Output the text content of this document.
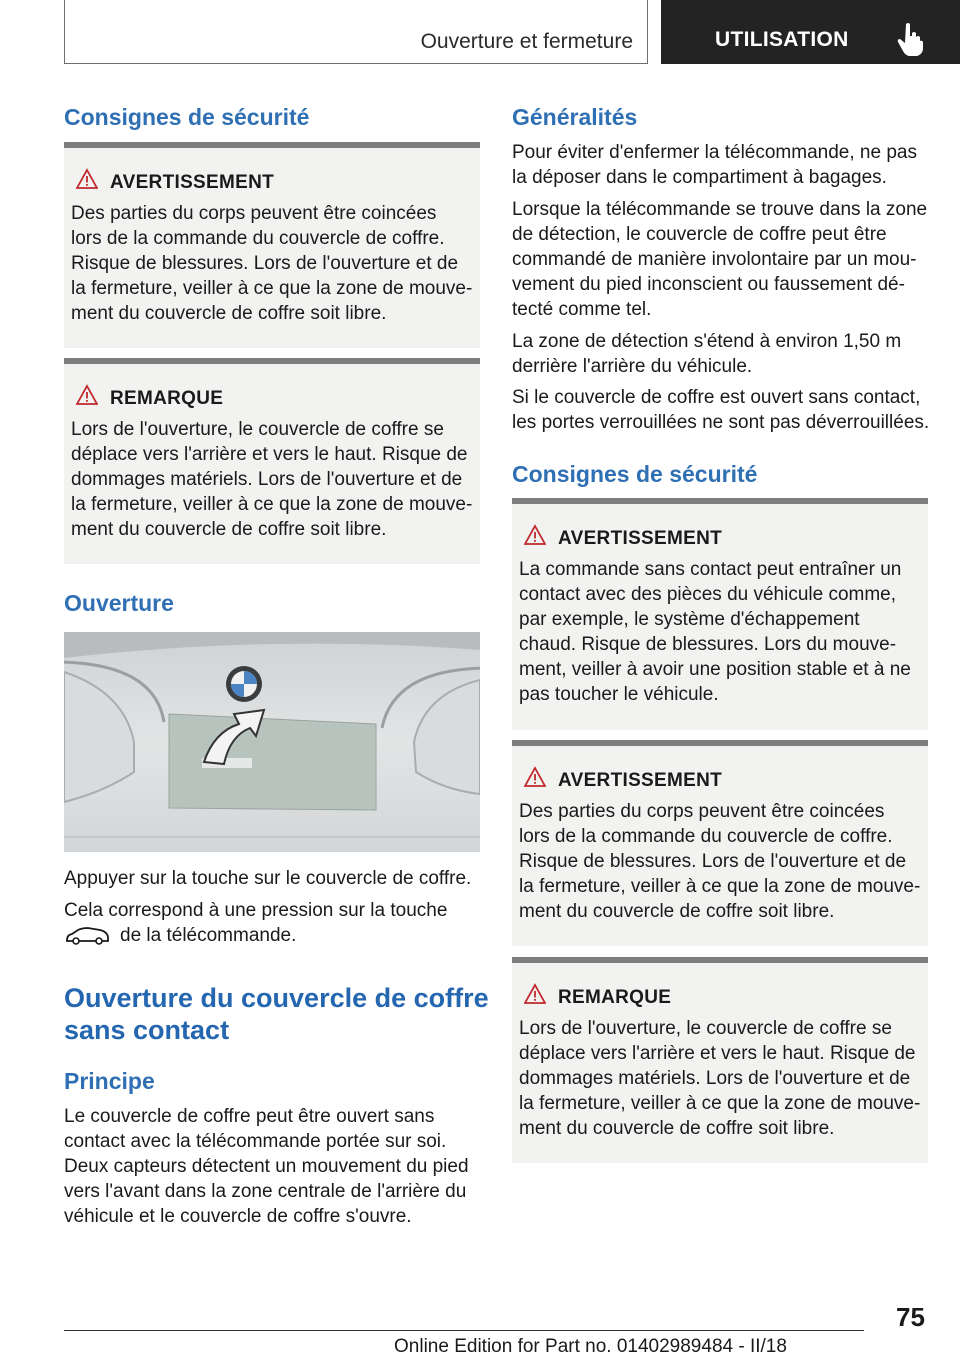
Ouverture et fermeture	UTILISATION
Consignes de sécurité
AVERTISSEMENT
Des parties du corps peuvent être coincées
lors de la commande du couvercle de coffre.
Risque de blessures. Lors de l'ouverture et de
la fermeture, veiller à ce que la zone de mouve‐
ment du couvercle de coffre soit libre.
REMARQUE
Lors de l'ouverture, le couvercle de coffre se
déplace vers l'arrière et vers le haut. Risque de
dommages matériels. Lors de l'ouverture et de
la fermeture, veiller à ce que la zone de mouve‐
ment du couvercle de coffre soit libre.
Ouverture
Appuyer sur la touche sur le couvercle de coffre.
Cela correspond à une pression sur la touche
de la télécommande.
Ouverture du couvercle de coffre
sans contact
Principe
Le couvercle de coffre peut être ouvert sans
contact avec la télécommande portée sur soi.
Deux capteurs détectent un mouvement du pied
vers l'avant dans la zone centrale de l'arrière du
véhicule et le couvercle de coffre s'ouvre.
Généralités
Pour éviter d'enfermer la télécommande, ne pas
la déposer dans le compartiment à bagages.
Lorsque la télécommande se trouve dans la zone
de détection, le couvercle de coffre peut être
commandé de manière involontaire par un mou‐
vement du pied inconscient ou faussement dé‐
tecté comme tel.
La zone de détection s'étend à environ 1,50 m
derrière l'arrière du véhicule.
Si le couvercle de coffre est ouvert sans contact,
les portes verrouillées ne sont pas déverrouillées.
Consignes de sécurité
AVERTISSEMENT
La commande sans contact peut entraîner un
contact avec des pièces du véhicule comme,
par exemple, le système d'échappement
chaud. Risque de blessures. Lors du mouve‐
ment, veiller à avoir une position stable et à ne
pas toucher le véhicule.
AVERTISSEMENT
Des parties du corps peuvent être coincées
lors de la commande du couvercle de coffre.
Risque de blessures. Lors de l'ouverture et de
la fermeture, veiller à ce que la zone de mouve‐
ment du couvercle de coffre soit libre.
REMARQUE
Lors de l'ouverture, le couvercle de coffre se
déplace vers l'arrière et vers le haut. Risque de
dommages matériels. Lors de l'ouverture et de
la fermeture, veiller à ce que la zone de mouve‐
ment du couvercle de coffre soit libre.
75
Online Edition for Part no. 01402989484 - II/18
